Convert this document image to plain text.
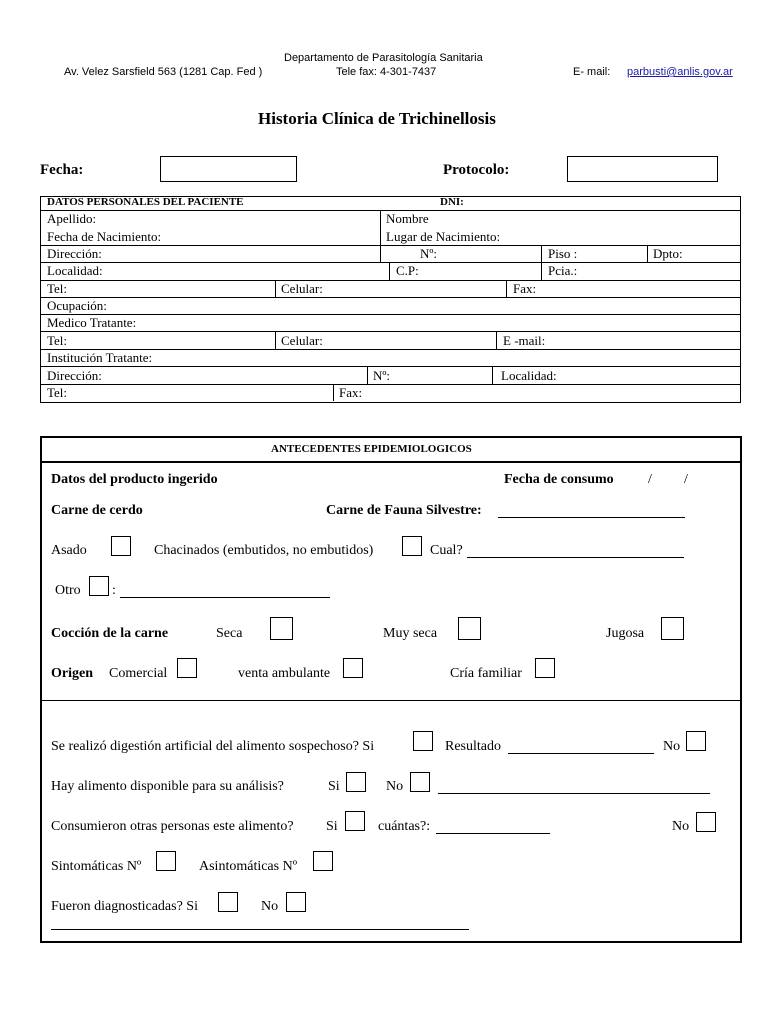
Departamento de Parasitología Sanitaria
Av. Velez Sarsfield 563 (1281 Cap. Fed )	Tele fax: 4-301-7437	E- mail: parbusti@anlis.gov.ar
Historia Clínica de Trichinellosis
Fecha:	Protocolo:
DATOS PERSONALES DEL PACIENTE	DNI:
Apellido:	Nombre
Fecha de Nacimiento:	Lugar de Nacimiento:
Dirección:	Nº:	Piso :	Dpto:
Localidad:	C.P:	Pcia.:
Tel:	Celular:	Fax:
Ocupación:
Medico Tratante:
Tel:	Celular:	E -mail:
Institución Tratante:
Dirección:	Nº:	Localidad:
Tel:	Fax:
ANTECEDENTES EPIDEMIOLOGICOS
Datos del producto ingerido	Fecha de consumo / /
Carne de cerdo	Carne de Fauna Silvestre:
Asado	Chacinados (embutidos, no embutidos)	Cual?
Otro :
Cocción de la carne	Seca	Muy seca	Jugosa
Origen Comercial	venta ambulante	Cría familiar
Se realizó digestión artificial del alimento sospechoso? Si	Resultado	No
Hay alimento disponible para su análisis?	Si	No
Consumieron otras personas este alimento? Si	cuántas?:	No
Sintomáticas Nº	Asintomáticas Nº
Fueron diagnosticadas? Si	No
